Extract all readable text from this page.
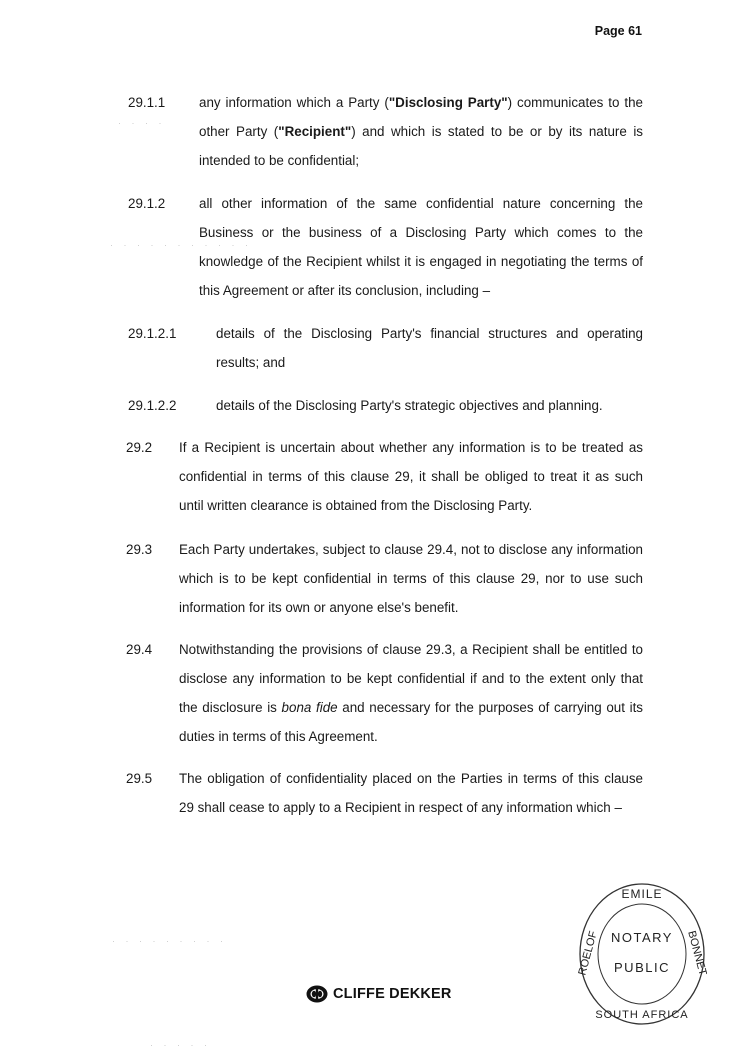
Page 61
29.1.1	any information which a Party ("Disclosing Party") communicates to the other Party ("Recipient") and which is stated to be or by its nature is intended to be confidential;
29.1.2	all other information of the same confidential nature concerning the Business or the business of a Disclosing Party which comes to the knowledge of the Recipient whilst it is engaged in negotiating the terms of this Agreement or after its conclusion, including –
29.1.2.1	details of the Disclosing Party's financial structures and operating results; and
29.1.2.2	details of the Disclosing Party's strategic objectives and planning.
29.2 If a Recipient is uncertain about whether any information is to be treated as confidential in terms of this clause 29, it shall be obliged to treat it as such until written clearance is obtained from the Disclosing Party.
29.3 Each Party undertakes, subject to clause 29.4, not to disclose any information which is to be kept confidential in terms of this clause 29, nor to use such information for its own or anyone else's benefit.
29.4 Notwithstanding the provisions of clause 29.3, a Recipient shall be entitled to disclose any information to be kept confidential if and to the extent only that the disclosure is bona fide and necessary for the purposes of carrying out its duties in terms of this Agreement.
29.5 The obligation of confidentiality placed on the Parties in terms of this clause 29 shall cease to apply to a Recipient in respect of any information which –
· · · ·
· · · · · · · · · · ·
· · · · · · · · ·
· · · · ·
CLIFFE DEKKER
EMILE
ROELOF	BONNET
SOUTH AFRICA
NOTARY
PUBLIC
